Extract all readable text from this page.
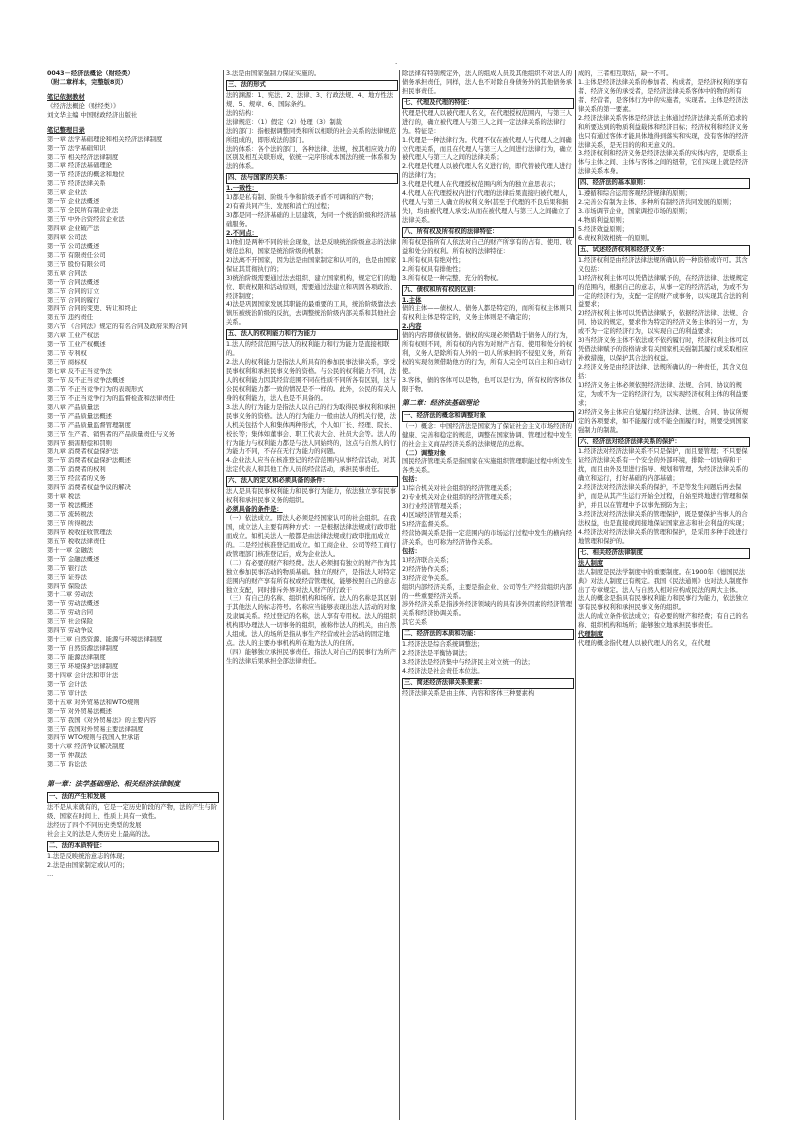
·
0043－经济法概论（财经类）
（附二章样本，完整版8页）
笔记依据教材
《经济法概论（财经类）》
刘文华主编 中国财政经济出版社
笔记整理目录
第一章 法学基础理论和相关经济法律制度
第一节 法学基础知识
第二节 相关经济法律制度
第二章 经济法基础理论
第一节 经济法的概念和地位
第二节 经济法律关系
第三章 企业法
第一节 企业法概述
第二节 全民所有制企业法
第三节 中外合资经营企业法
第四章 企业破产法
第四章 公司法
第一节 公司法概述
第二节 有限责任公司
第三节 股份有限公司
第五章 合同法
第一节 合同法概述
第二节 合同的订立
第三节 合同的履行
第四节 合同的变更、转让和终止
第五节 违约责任
第六节 《合同法》规定的有名合同及政府采购合同
第六章 工业产权法
第一节 工业产权概述
第二节 专利权
第三节 商标权
第七章 反不正当竞争法
第一节 反不正当竞争法概述
第二节 不正当竞争行为的表现形式
第三节 不正当竞争行为的监督检查和法律责任
第八章 产品质量法
第一节 产品质量法概述
第二节 产品质量监督管理制度
第三节 生产者、销售者的产品质量责任与义务
第四节 损害赔偿和罚则
第九章 消费者权益保护法
第一节 消费者权益保护法概述
第二节 消费者的权利
第三节 经营者的义务
第四节 消费者权益争议的解决
第十章 税法
第一节 税法概述
第二节 流转税法
第三节 所得税法
第四节 税收征收管理法
第五节 税收法律责任
第十一章 金融法
第一节 金融法概述
第二节 银行法
第三节 证券法
第四节 保险法
第十二章 劳动法
第一节 劳动法概述
第二节 劳动合同
第三节 社会保险
第四节 劳动争议
第十三章 自然资源、能源与环境法律制度
第一节 自然资源法律制度
第二节 能源法律制度
第三节 环境保护法律制度
第十四章 会计法和审计法
第一节 会计法
第二节 审计法
第十五章 对外贸易法和WTO规则
第一节 对外贸易法概述
第二节 我国《对外贸易法》的主要内容
第三节 我国对外贸易主要法律制度
第四节 WTO规则与我国入世承诺
第十六章 经济争议解决制度
第一节 仲裁法
第二节 诉讼法
第一章：法学基础理论、相关经济法律制度
一、法的产生和发展
法不是从来就有的，它是一定历史阶段的产物，法的产生与阶级、国家在时间上、性质上具有一致性。
法经历了四个不同历史类型的发展
社会主义的法是人类历史上最高的法。
二、法的本质特征：
1.法是反映统治意志的体现；
2.法是由国家制定或认可的；
…
3.法是由国家强制力保证实施的。
三、法的形式
法的渊源：1、宪法、2、法律、3、行政法规、4、地方性法规、5、规章、6、国际条约。
法的结构：
法律规范：（1）假定（2）处理（3）制裁
法的部门：指根据调整同类和所以相联的社会关系的法律规范所组成的，即形成法的部门。
法的体系：各个法的部门、各种法律、法规，按其相应效力的区别及相互关联形成，依统一完序形成本国法的统一体系和为法的体系。
四、法与国家的关系：
1.一致性：
1)都是私有制、阶级斗争和阶级矛盾不可调和的产物；
2)有着共同产生、发展和消亡的过程；
3)都是同一经济基础的上层建筑，为同一个统治阶级和经济基础服务。
2.不同点：
1)他们是两种不同的社会现象，法是反映统治阶级意志的法律规范总和，国家是统治阶级的机器；
2)法离不开国家，因为法是由国家制定和认可的，也是由国家保证其贯彻执行的；
3)统治阶级需要通过法去组织、建立国家机构，规定它们的地位、职责权限和活动原则，需要通过法建立和巩固各项政治、经济制度；
4)法是巩固国家发展其职能的最重要的工具，统治阶级靠法去镇压被统治阶级的反抗，去调整统治阶级内部关系和其他社会关系。
五、法人的权利能力和行为能力
1.法人的经营范围与法人的权利能力和行为能力是直接相联的。
2.法人的权利能力是指法人所具有的参加民事法律关系，享受民事权利和承担民事义务的资格。与公民的权利能力不同，法人的权利能力因其经营范围不同在性质不同所各有区别，这与公民权利能力都一致的情况是不一样的。此外，公民的有关人身的权利能力，法人也是不具备的。
3.法人的行为能力是指法人以自己的行为取得民事权利和承担民事义务的资格。法人的行为能力一般由法人的机关行使，法人机关包括个人和集体两种形式，个人如厂长、经理、院长、校长等；集体如董事会、职工代表大会、社员大会等。法人的行为能力与权利能力都是与法人同始终的，这点与自然人的行为能力不同，不存在无行为能力的问题。
4.企业法人应当在核准登记的经营范围内从事经营活动，对其法定代表人和其他工作人员的经营活动，承担民事责任。
六、法人的定义和必须具备的条件：
法人是具有民事权利能力和民事行为能力，依法独立享有民事权利和承担民事义务的组织。
必须具备的条件是：
（一）依法成立。即法人必须是经国家认可的社会组织。在我国，成立法人主要有两种方式：一是根据法律法规或行政审批而成立。如机关法人一般都是由法律法规或行政审批而成立的。二是经过核准登记而成立。如工商企业、公司等经工商行政管理部门核准登记后，成为企业法人。
（二）有必要的财产和经费。法人必须拥有独立的财产作为其独立参加民事活动的物质基础。独立的财产，是指法人对特定范围内的财产享有所有权或经营管理权，能够按照自己的意志独立支配，同时排斥外界对法人财产的行政干
（三）有自己的名称、组织机构和场所。法人的名称是其区别于其他法人的标志符号。名称应当能够表现出法人活动的对象及隶属关系。经过登记的名称，法人享有专用权。法人的组织机构即办理法人一切事务的组织，被称作法人的机关，由自然人组成。法人的场所是指从事生产经营或社会活动的固定地点。法人的主要办事机构所在地为法人的住所。
（四）能够独立承担民事责任。指法人对自己的民事行为所产生的法律后果承担全部法律责任。
除法律有特别规定外，法人的组成人员及其他组织不对法人的债务承担责任，同样，法人也不对除自身债务外的其他债务承担民事责任。
七、代理及代理的特征：
代理是代理人以被代理人名义，在代理授权范围内，与第三人进行的，确立被代理人与第三人之间一定法律关系的法律行为。特征是：
1.代理是一种法律行为。代理不仅在被代理人与代理人之间确立代理关系，而且在代理人与第三人之间进行法律行为，确立被代理人与第三人之间的法律关系；
2.代理是代理人以被代理人名义进行的，即代替被代理人进行的法律行为；
3.代理是代理人在代理授权范围内所为的独立意思表示；
4.代理人在代理授权内进行代理的法律后果直接归被代理人，代理人与第三人确立的权利义务(甚至于代理的不良后果和损失)，均由被代理人承受;从而在被代理人与第三人之间确立了法律关系。
八、所有权及所有权的法律特征：
所有权是指所有人依法对自己的财产所享有的占有、使用、收益和处分的权利。所有权的法律特征：
1.所有权具有绝对性；
2.所有权具有排他性；
3.所有权是一种完整、充分的物权。
九、债权和所有权的区别：
1.主体
债的主体——债权人、债务人都是特定的，而所有权主体则只有权利主体是特定的，义务主体则是不确定的；
2.内容
债的内容即债权债务。债权的实现必须借助于债务人的行为，所有权则不同，所有权的内容为对财产占有、使用和处分的权利，义务人是除所有人外的一切人所承担的不侵犯义务，所有权的实现勿须借助他方的行为，所有人完全可以自主和自动行使。
3.客体，债的客体可以是物，也可以是行为，所有权的客体仅限于物。
第二章：经济法基础理论
一、经济法的概念和调整对象
（一）概念：中国经济法是国家为了保证社会主义市场经济的健康、完善和稳定的规范，调整在国家协调、管理过程中发生的社会主义商品经济关系的法律规范的总称。
（二）调整对象
国民经济管理关系是指国家在实施组织管理职能过程中所发生各类关系。
包括：
1)综合机关对社会组织的经济管理关系；
2)专业机关对企业组织的经济管理关系；
3)行业经济管理关系；
4)区域经济管理关系；
5)经济监督关系。
经营协调关系是指一定范围内的市场运行过程中发生的横向经济关系，也可称为经济协作关系。
包括：
1)经济联合关系；
2)经济协作关系；
3)经济竞争关系。
组织内部经济关系，主要是指企业、公司等生产经营组织内部的一些重要经济关系。
涉外经济关系是指涉外经济领域内的具有涉外因素的经济管理关系和经济协调关系。
其它关系
二、经济法的本质和功能：
1.经济法是综合系统调整法；
2.经济法是平衡协调法；
3.经济法是经济集中与经济民主对立统一的法；
4.经济法是社会责任本位法。
三、简述经济法律关系要素：
经济法律关系是由主体、内容和客体三种要素构
成的，三者相互联结，缺一不可。
1.主体是经济法律关系的参加者、构成者，是经济权利的享有者、经济义务的承受者，是经济法律关系客体中的物的所有者、经营者，是客体行为中的实施者，实现者。主体是经济法律关系的第一要素。
2.经济法律关系客体是经济法主体通过经济法律关系所追求的和所要达到的物质利益载体和经济目标；经济权利和经济义务也只有通过客体才能具体地得到落实和实现，没有客体的经济法律关系，是无目的的和无意义的。
3.经济权利和经济义务是经济法律关系的实体内容，是联系主体与主体之间、主体与客体之间的纽带，它们实现上就是经济法律关系本身。
四、经济法的基本原则：
1.遵循和综合运用客观经济规律的原则；
2.完善公有制为主体、多种所有制经济共同发展的原则；
3.市场调节企业，国家调控市场的原则；
4.物质利益原则；
5.经济效益原则；
6.责权利效相统一的原则。
五、试述经济权利和经济义务：
1.经济权利是由经济法律法规所确认的一种资格或许可。其含义包括：
1)经济权利主体可以凭借法律赋予的，在经济法律、法规规定的范围内，根据自己的意志，从事一定的经济活动，为或不为一定的经济行为，支配一定的财产或事务，以实现其合法的利益要求；
2)经济权利主体可以凭借法律赋予，依据经济法律、法规、合同、协议的规定，要求作为特定的经济义务主体的另一方，为或不为一定的经济行为，以实现自己的利益要求；
3)当经济义务主体不依法或不依约履行时，经济权利主体可以凭借法律赋予的资格请求有关国家机关强制其履行或采取相应补救措施，以保护其合法的权益。
2.经济义务是由经济法律、法规所确认的一种责任，其含义包括：
1)经济义务主体必须依照经济法律、法规、合同、协议的规定，为或不为一定的经济行为，以实现经济权利主体的利益要求；
2)经济义务主体应自觉履行经济法律、法规、合同、协议所规定的各项要求，如不能履行或不能全面履行时，则要受到国家强制力的制裁。
六、经济法对经济法律关系的保护：
1.经济法对经济法律关系不只是保护，而且要管理；不只要保证经济法律关系有一个安全的外部环境，排除一切妨碍和干扰，而且由外及里进行指导、规划和管理，为经济法律关系的确立和运行，打好基础的内部基础；
2.经济法对经济法律关系的保护，不是等发生问题后再去保护，而是从其产生运行开始全过程，自始至终地进行管理和保护，并且以在管理中予以事先预防为主；
3.经济法对经济法律关系的管理保护，既是要保护当事人的合法权益，也是直接或间接地保证国家意志和社会利益的实现；
4.经济法对经济法律关系的管理和保护，是采用多种手段进行地管理和保护的。
七、相关经济法律制度
法人制度
法人制度是民法学制度中的重要制度。在1900年《德国民法典》对法人制度已有规定。我国《民法通则》也对法人制度作出了专章规定。法人与自然人相对应构成民法的两大主体。
法人的概念是指具有民事权利能力和民事行为能力，依法独立享有民事权利和承担民事义务的组织。
法人的成立条件依法成立；有必要的财产和经费；有自己的名称、组织机构和场所；能够独立地承担民事责任。
代理制度
代理的概念指代理人以被代理人的名义，在代理
